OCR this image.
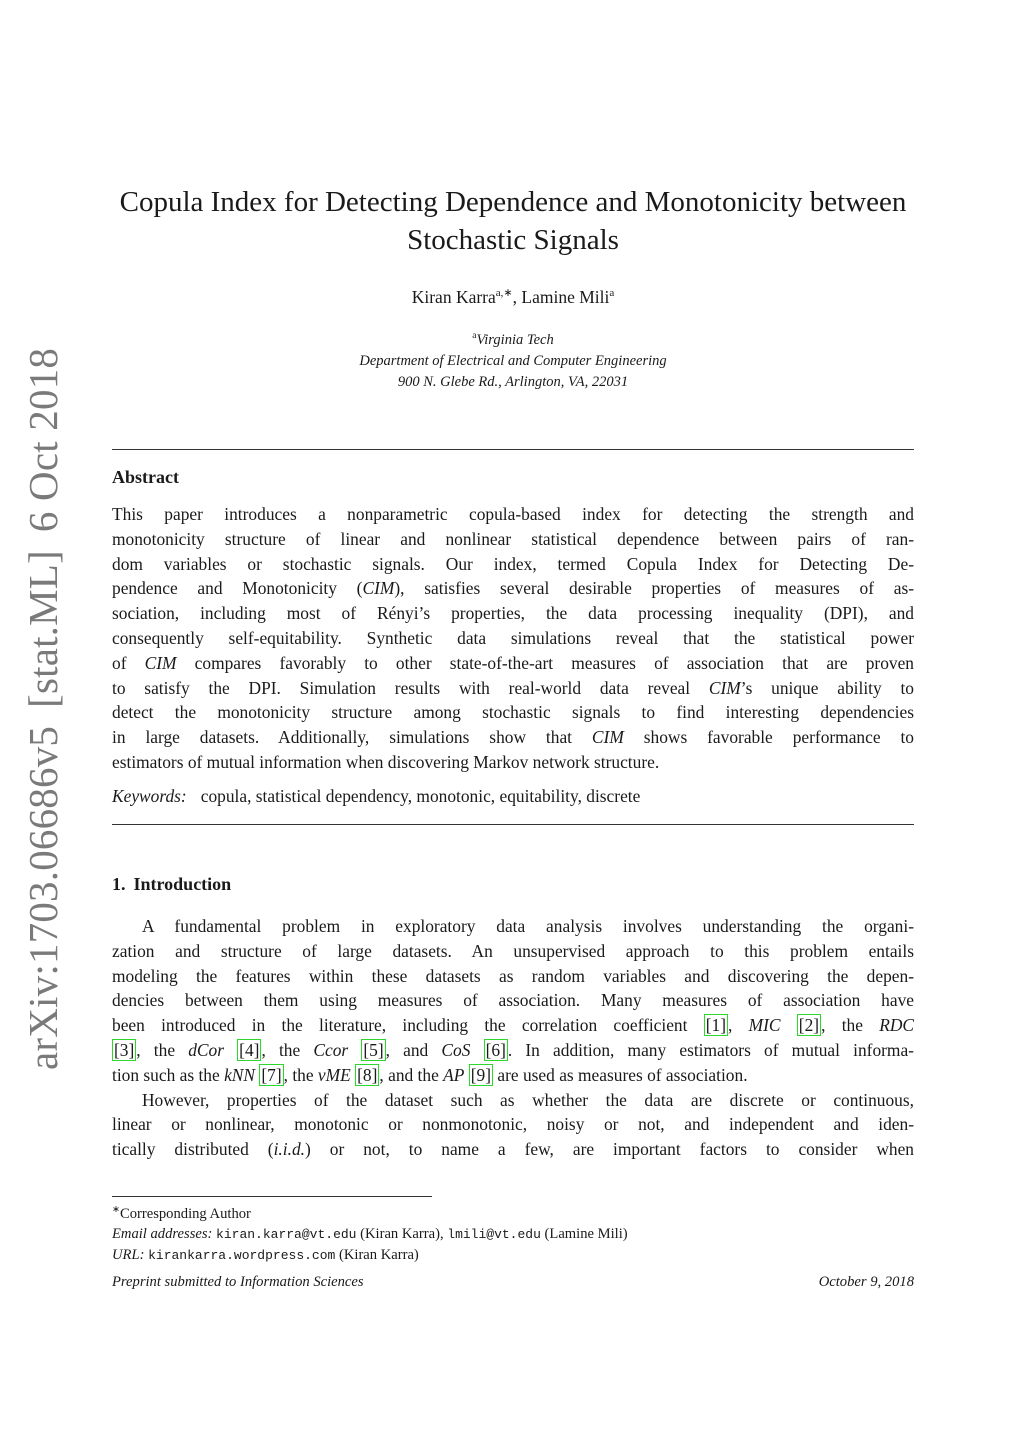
arXiv:1703.06686v5[stat.ML]6 Oct 2018
Copula Index for Detecting Dependence and Monotonicity between
Stochastic Signals
Kiran Karra$^{a,∗}$, Lamine Mili$^a$
$^a$Virginia Tech
Department of Electrical and Computer Engineering
900 N. Glebe Rd., Arlington, VA, 22031
Abstract
This paper introduces a nonparametric copula-based index for detecting the strength and
monotonicity structure of linear and nonlinear statistical dependence between pairs of ran-
dom variables or stochastic signals. Our index, termed Copula Index for Detecting De-
pendence and Monotonicity (CIM), satisfies several desirable properties of measures of as-
sociation, including most of Rényi’s properties, the data processing inequality (DPI), and
consequently self-equitability. Synthetic data simulations reveal that the statistical power
of CIM compares favorably to other state-of-the-art measures of association that are proven
to satisfy the DPI. Simulation results with real-world data reveal CIM’s unique ability to
detect the monotonicity structure among stochastic signals to find interesting dependencies
in large datasets. Additionally, simulations show that CIM shows favorable performance to
estimators of mutual information when discovering Markov network structure.
Keywords: copula, statistical dependency, monotonic, equitability, discrete
1. Introduction

A fundamental problem in exploratory data analysis involves understanding the organi-
zation and structure of large datasets. An unsupervised approach to this problem entails
modeling the features within these datasets as random variables and discovering the depen-
dencies between them using measures of association. Many measures of association have
been introduced in the literature, including the correlation coefficient [1] , MIC [2] , the RDC
[3] , the dCor [4] , the Ccor [5] , and CoS [6] . In addition, many estimators of mutual informa-
tion such as the kNN [7] , the vME [8] , and the AP [9] are used as measures of association.

However, properties of the dataset such as whether the data are discrete or continuous,
linear or nonlinear, monotonic or nonmonotonic, noisy or not, and independent and iden-
tically distributed (i.i.d.) or not, to name a few, are important factors to consider when

∗Corresponding Author
Email addresses: kiran.karra@vt.edu (Kiran Karra), lmili@vt.edu (Lamine Mili)
URL: kirankarra.wordpress.com (Kiran Karra)
Preprint submitted to Information Sciences	October 9, 2018
